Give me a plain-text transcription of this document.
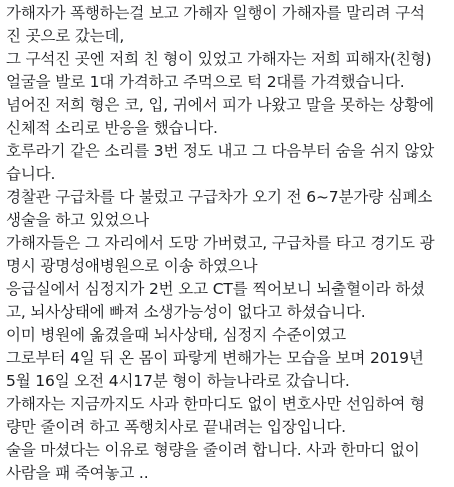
가해자가 폭행하는걸 보고 가해자 일행이 가해자를 말리려 구석
진 곳으로 갔는데,
그 구석진 곳엔 저희 친 형이 있었고 가해자는 저희 피해자(친형)
얼굴을 발로 1대 가격하고 주먹으로 턱 2대를 가격했습니다.
넘어진 저희 형은 코, 입, 귀에서 피가 나왔고 말을 못하는 상황에
신체적 소리로 반응을 했습니다.
호루라기 같은 소리를 3번 정도 내고 그 다음부터 숨을 쉬지 않았
습니다.
경찰관 구급차를 다 불렀고 구급차가 오기 전 6~7분가량 심폐소
생술을 하고 있었으나
가해자들은 그 자리에서 도망 가버렸고, 구급차를 타고 경기도 광
명시 광명성애병원으로 이송 하였으나
응급실에서 심정지가 2번 오고 CT를 찍어보니 뇌출혈이라 하셨
고, 뇌사상태에 빠져 소생가능성이 없다고 하셨습니다.
이미 병원에 옮겼을때 뇌사상태, 심정지 수준이였고
그로부터 4일 뒤 온 몸이 파랗게 변해가는 모습을 보며 2019년
5월 16일 오전 4시17분 형이 하늘나라로 갔습니다.
가해자는 지금까지도 사과 한마디도 없이 변호사만 선임하여 형
량만 줄이려 하고 폭행치사로 끝내려는 입장입니다.
술을 마셨다는 이유로 형량을 줄이려 합니다. 사과 한마디 없이
사람을 패 죽여놓고 ..
